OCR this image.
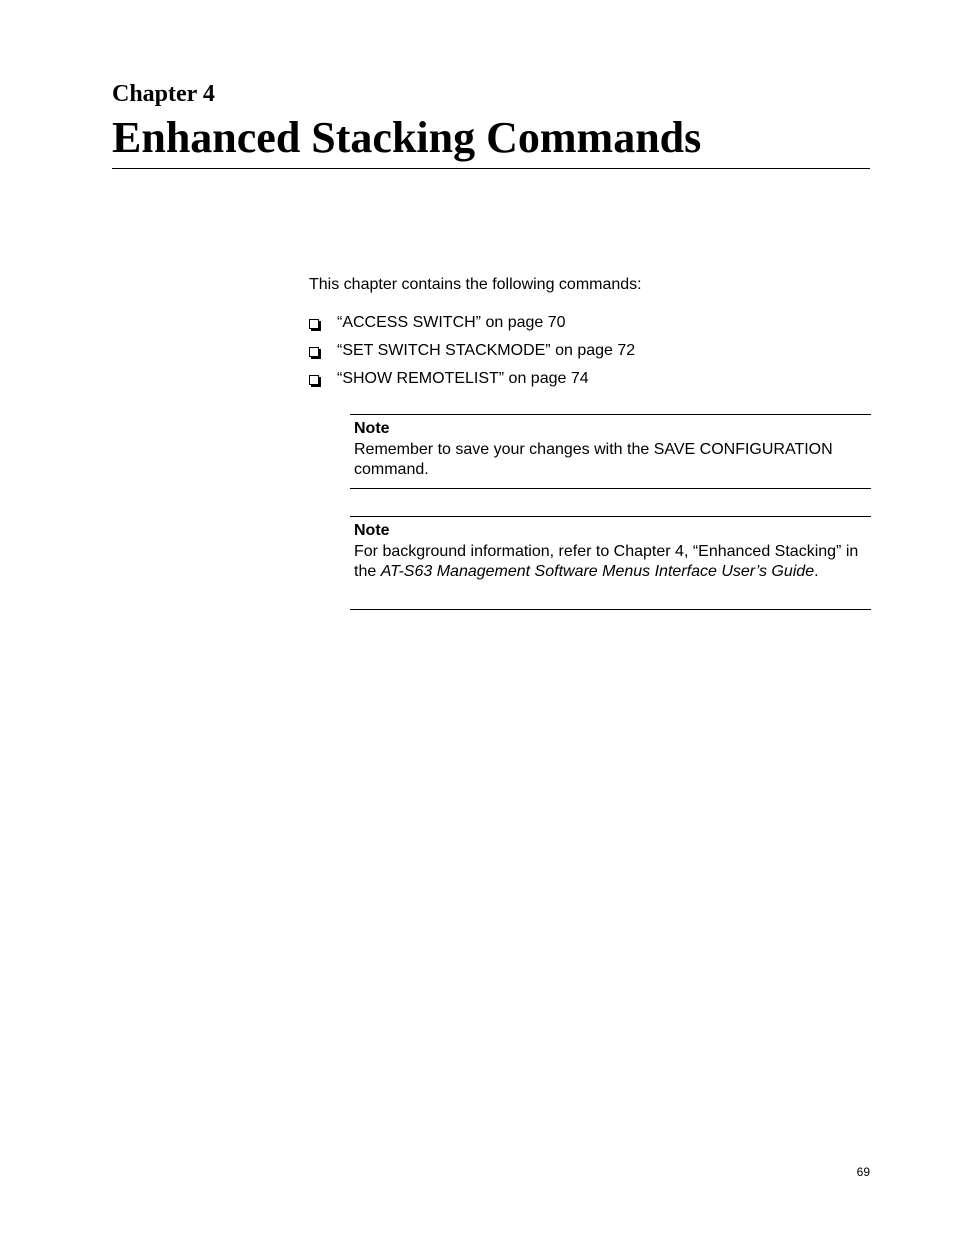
Chapter 4
Enhanced Stacking Commands

This chapter contains the following commands:

“ACCESS SWITCH” on page 70
“SET SWITCH STACKMODE” on page 72
“SHOW REMOTELIST” on page 74
Note
Remember to save your changes with the SAVE CONFIGURATION command.
Note
For background information, refer to Chapter 4, “Enhanced Stacking” in the AT-S63 Management Software Menus Interface User’s Guide.
69
